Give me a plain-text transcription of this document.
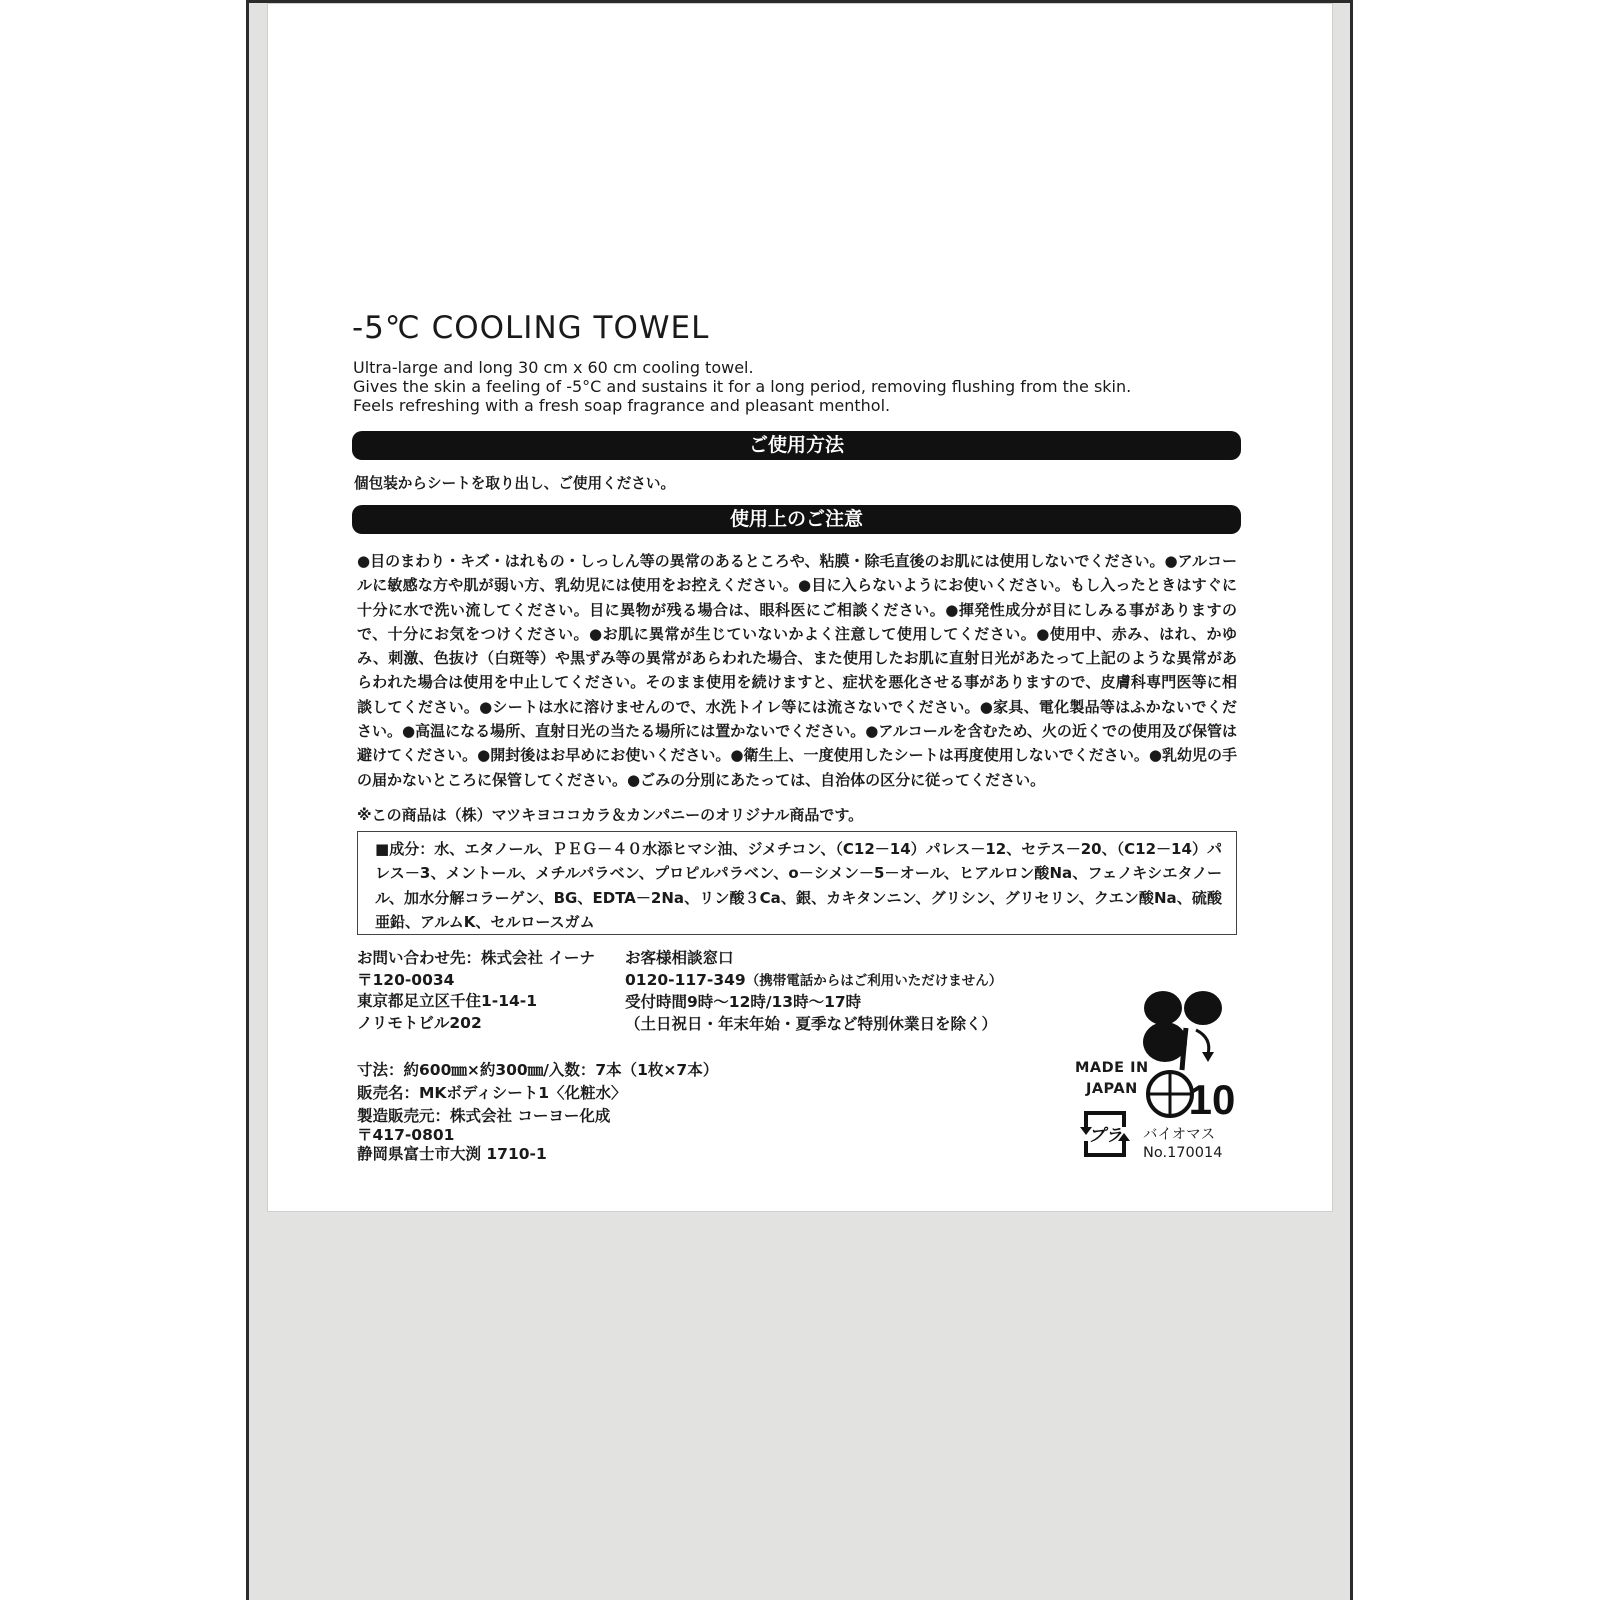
-5℃ COOLING TOWEL
Ultra-large and long 30 cm x 60 cm cooling towel.
Gives the skin a feeling of -5°C and sustains it for a long period, removing flushing from the skin.
Feels refreshing with a fresh soap fragrance and pleasant menthol.
ご使用方法
個包装からシートを取り出し、ご使用ください。
使用上のご注意
●目のまわり・キズ・はれもの・しっしん等の異常のあるところや、粘膜・除毛直後のお肌には使用しないでください。●アルコールに敏感な方や肌が弱い方、乳幼児には使用をお控えください。●目に入らないようにお使いください。もし入ったときはすぐに十分に水で洗い流してください。目に異物が残る場合は、眼科医にご相談ください。●揮発性成分が目にしみる事がありますので、十分にお気をつけください。●お肌に異常が生じていないかよく注意して使用してください。●使用中、赤み、はれ、かゆみ、刺激、色抜け（白斑等）や黒ずみ等の異常があらわれた場合、また使用したお肌に直射日光があたって上記のような異常があらわれた場合は使用を中止してください。そのまま使用を続けますと、症状を悪化させる事がありますので、皮膚科専門医等に相談してください。●シートは水に溶けませんので、水洗トイレ等には流さないでください。●家具、電化製品等はふかないでください。●高温になる場所、直射日光の当たる場所には置かないでください。●アルコールを含むため、火の近くでの使用及び保管は避けてください。●開封後はお早めにお使いください。●衛生上、一度使用したシートは再度使用しないでください。●乳幼児の手の届かないところに保管してください。●ごみの分別にあたっては、自治体の区分に従ってください。
※この商品は（株）マツキヨココカラ＆カンパニーのオリジナル商品です。
■成分：水、エタノール、ＰＥＧ－４０水添ヒマシ油、ジメチコン、（C12－14）パレス－12、セテス－20、（C12－14）パレス－3、メントール、メチルパラベン、プロピルパラベン、o－シメン－5－オール、ヒアルロン酸Na、フェノキシエタノール、加水分解コラーゲン、BG、EDTA－2Na、リン酸３Ca、銀、カキタンニン、グリシン、グリセリン、クエン酸Na、硫酸亜鉛、アルムK、セルロースガム
お問い合わせ先：株式会社 イーナ
〒120-0034
東京都足立区千住1-14-1
ノリモトビル202
お客様相談窓口
0120-117-349（携帯電話からはご利用いただけません）
受付時間9時～12時/13時～17時
（土日祝日・年末年始・夏季など特別休業日を除く）
寸法：約600㎜×約300㎜/入数：7本（1枚×7本）
販売名：MKボディシート1〈化粧水〉
製造販売元：株式会社 コーヨー化成
〒417-0801
静岡県富士市大渕 1710-1
MADE IN
JAPAN
プラ
10
バイオマス
No.170014
